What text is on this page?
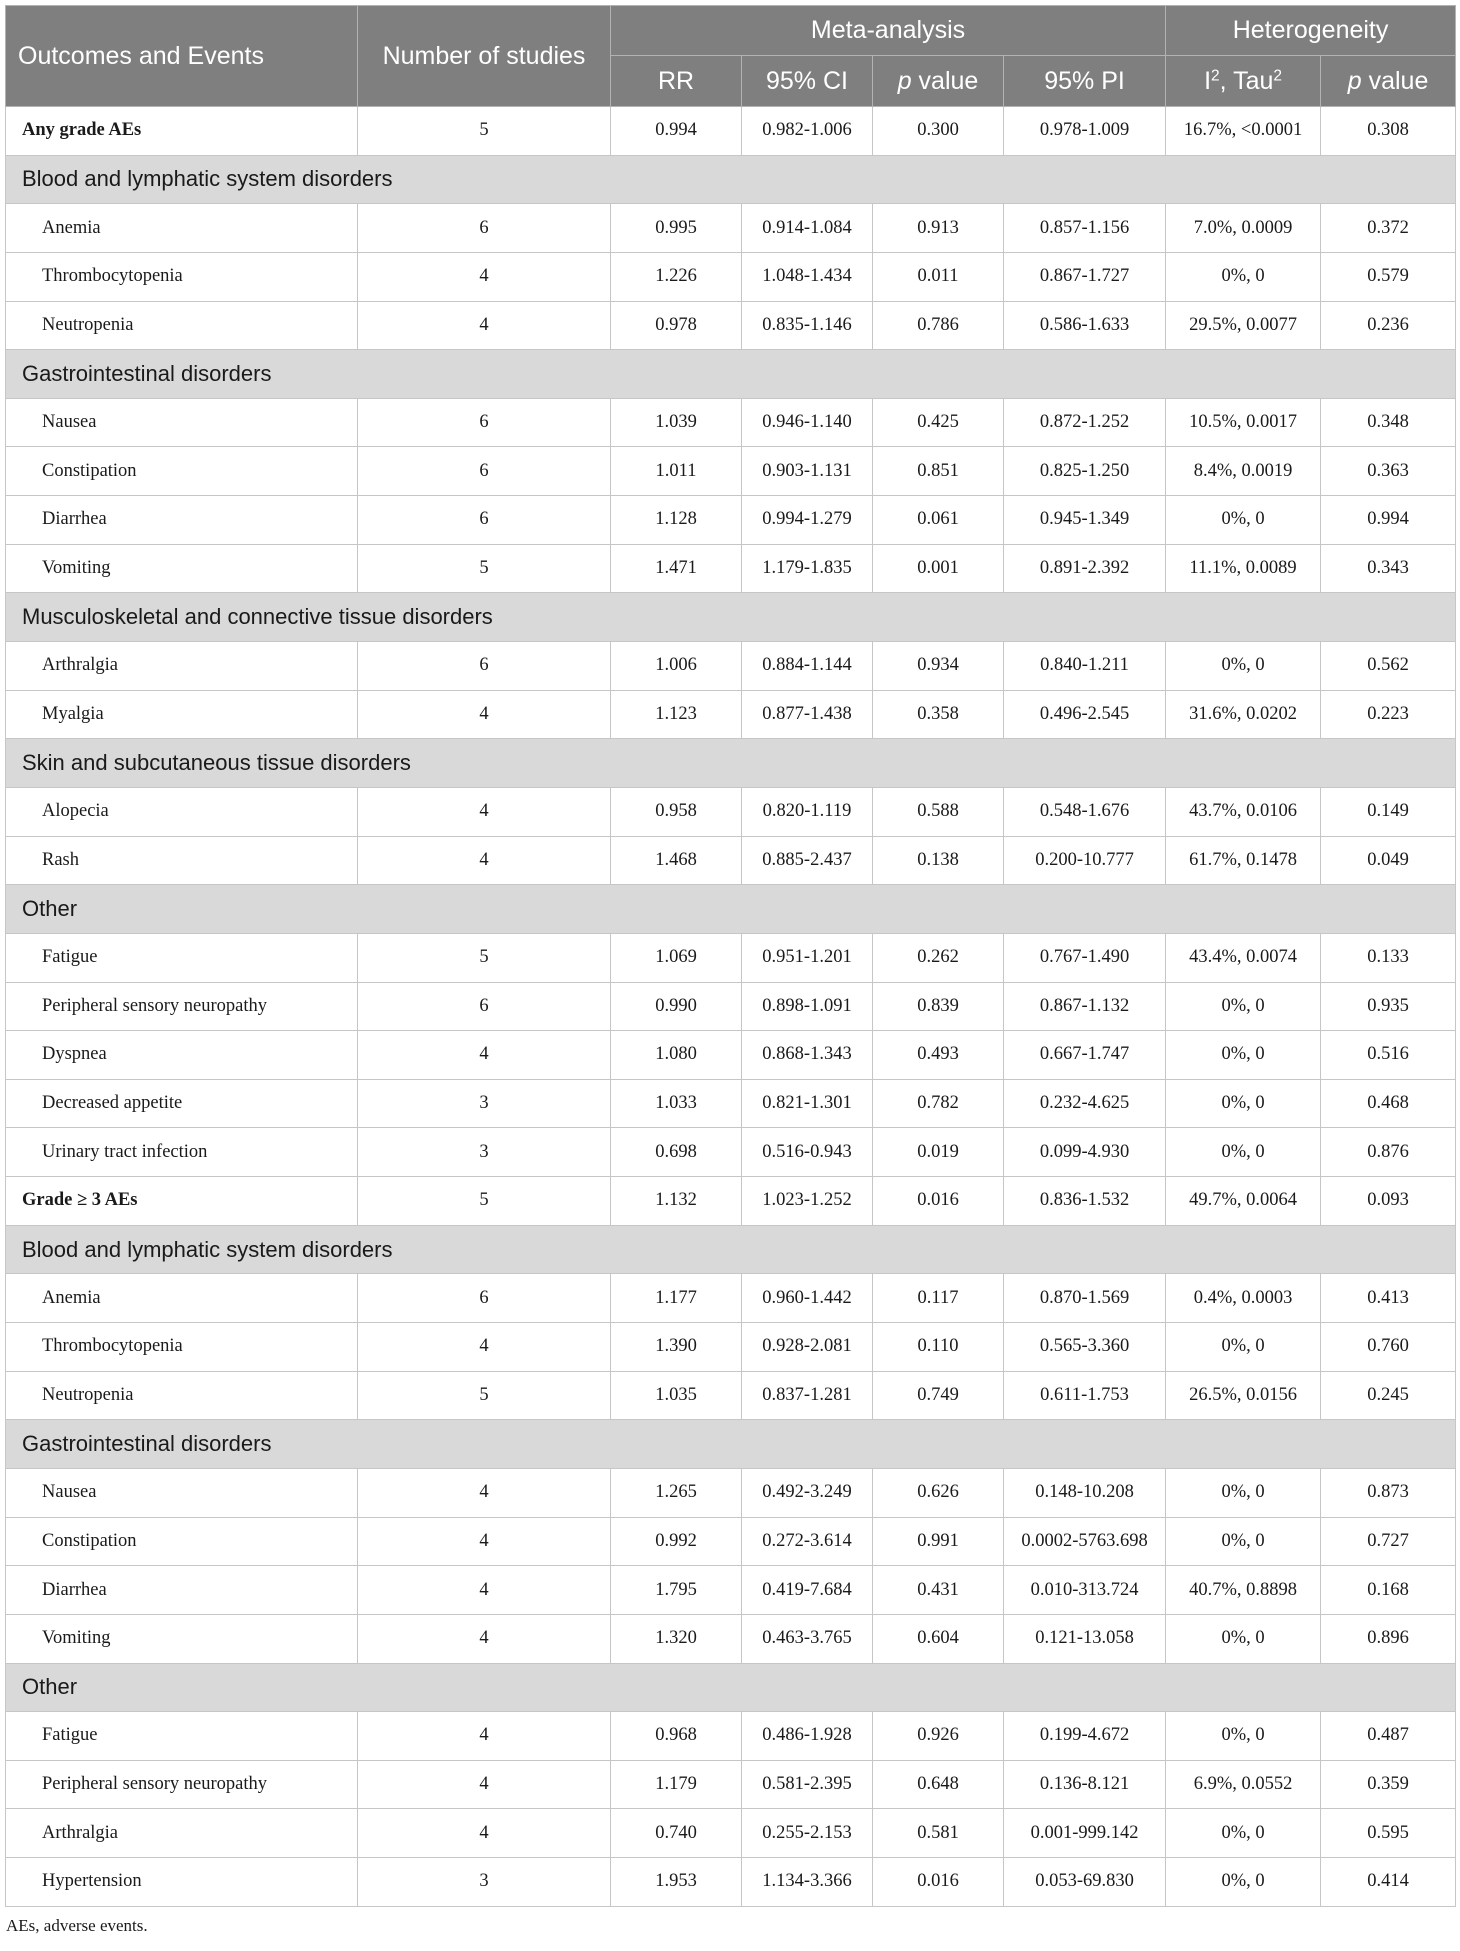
Outcomes and Events	Number of studies	Meta-analysis				Heterogeneity	
		RR	95% CI	p value	95% PI	$I^2$, Tau$^2$	p value
Any grade AEs	5	0.994	0.982-1.006	0.300	0.978-1.009	16.7%, <0.0001	0.308
Blood and lymphatic system disorders							
Anemia	6	0.995	0.914-1.084	0.913	0.857-1.156	7.0%, 0.0009	0.372
Thrombocytopenia	4	1.226	1.048-1.434	0.011	0.867-1.727	0%, 0	0.579
Neutropenia	4	0.978	0.835-1.146	0.786	0.586-1.633	29.5%, 0.0077	0.236
Gastrointestinal disorders							
Nausea	6	1.039	0.946-1.140	0.425	0.872-1.252	10.5%, 0.0017	0.348
Constipation	6	1.011	0.903-1.131	0.851	0.825-1.250	8.4%, 0.0019	0.363
Diarrhea	6	1.128	0.994-1.279	0.061	0.945-1.349	0%, 0	0.994
Vomiting	5	1.471	1.179-1.835	0.001	0.891-2.392	11.1%, 0.0089	0.343
Musculoskeletal and connective tissue disorders							
Arthralgia	6	1.006	0.884-1.144	0.934	0.840-1.211	0%, 0	0.562
Myalgia	4	1.123	0.877-1.438	0.358	0.496-2.545	31.6%, 0.0202	0.223
Skin and subcutaneous tissue disorders							
Alopecia	4	0.958	0.820-1.119	0.588	0.548-1.676	43.7%, 0.0106	0.149
Rash	4	1.468	0.885-2.437	0.138	0.200-10.777	61.7%, 0.1478	0.049
Other							
Fatigue	5	1.069	0.951-1.201	0.262	0.767-1.490	43.4%, 0.0074	0.133
Peripheral sensory neuropathy	6	0.990	0.898-1.091	0.839	0.867-1.132	0%, 0	0.935
Dyspnea	4	1.080	0.868-1.343	0.493	0.667-1.747	0%, 0	0.516
Decreased appetite	3	1.033	0.821-1.301	0.782	0.232-4.625	0%, 0	0.468
Urinary tract infection	3	0.698	0.516-0.943	0.019	0.099-4.930	0%, 0	0.876
Grade ≥ 3 AEs	5	1.132	1.023-1.252	0.016	0.836-1.532	49.7%, 0.0064	0.093
Blood and lymphatic system disorders							
Anemia	6	1.177	0.960-1.442	0.117	0.870-1.569	0.4%, 0.0003	0.413
Thrombocytopenia	4	1.390	0.928-2.081	0.110	0.565-3.360	0%, 0	0.760
Neutropenia	5	1.035	0.837-1.281	0.749	0.611-1.753	26.5%, 0.0156	0.245
Gastrointestinal disorders							
Nausea	4	1.265	0.492-3.249	0.626	0.148-10.208	0%, 0	0.873
Constipation	4	0.992	0.272-3.614	0.991	0.0002-5763.698	0%, 0	0.727
Diarrhea	4	1.795	0.419-7.684	0.431	0.010-313.724	40.7%, 0.8898	0.168
Vomiting	4	1.320	0.463-3.765	0.604	0.121-13.058	0%, 0	0.896
Other							
Fatigue	4	0.968	0.486-1.928	0.926	0.199-4.672	0%, 0	0.487
Peripheral sensory neuropathy	4	1.179	0.581-2.395	0.648	0.136-8.121	6.9%, 0.0552	0.359
Arthralgia	4	0.740	0.255-2.153	0.581	0.001-999.142	0%, 0	0.595
Hypertension	3	1.953	1.134-3.366	0.016	0.053-69.830	0%, 0	0.414
AEs, adverse events.
